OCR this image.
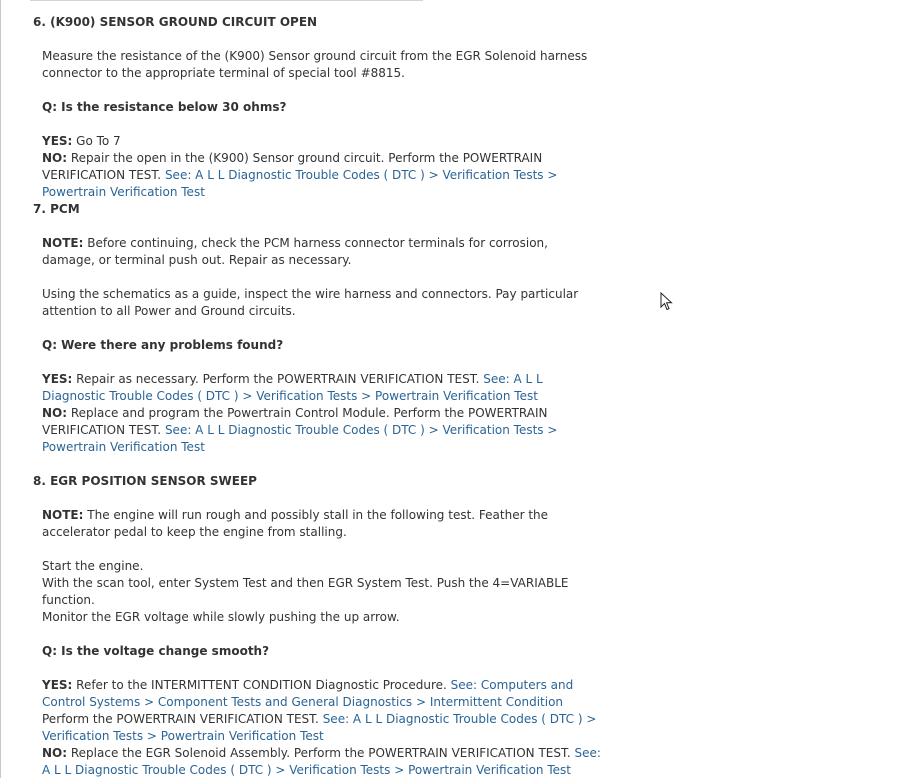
6. (K900) SENSOR GROUND CIRCUIT OPEN

Measure the resistance of the (K900) Sensor ground circuit from the EGR Solenoid harness connector to the appropriate terminal of special tool #8815.

Q: Is the resistance below 30 ohms?

YES: Go To 7

NO: Repair the open in the (K900) Sensor ground circuit. Perform the POWERTRAIN VERIFICATION TEST. See: A L L Diagnostic Trouble Codes ( DTC ) > Verification Tests > Powertrain Verification Test

7. PCM

NOTE: Before continuing, check the PCM harness connector terminals for corrosion, damage, or terminal push out. Repair as necessary.

Using the schematics as a guide, inspect the wire harness and connectors. Pay particular attention to all Power and Ground circuits.

Q: Were there any problems found?

YES: Repair as necessary. Perform the POWERTRAIN VERIFICATION TEST. See: A L L Diagnostic Trouble Codes ( DTC ) > Verification Tests > Powertrain Verification Test

NO: Replace and program the Powertrain Control Module. Perform the POWERTRAIN VERIFICATION TEST. See: A L L Diagnostic Trouble Codes ( DTC ) > Verification Tests > Powertrain Verification Test

8. EGR POSITION SENSOR SWEEP

NOTE: The engine will run rough and possibly stall in the following test. Feather the accelerator pedal to keep the engine from stalling.

Start the engine.

With the scan tool, enter System Test and then EGR System Test. Push the 4=VARIABLE function.

Monitor the EGR voltage while slowly pushing the up arrow.

Q: Is the voltage change smooth?

YES: Refer to the INTERMITTENT CONDITION Diagnostic Procedure. See: Computers and Control Systems > Component Tests and General Diagnostics > Intermittent Condition

Perform the POWERTRAIN VERIFICATION TEST. See: A L L Diagnostic Trouble Codes ( DTC ) > Verification Tests > Powertrain Verification Test

NO: Replace the EGR Solenoid Assembly. Perform the POWERTRAIN VERIFICATION TEST. See: A L L Diagnostic Trouble Codes ( DTC ) > Verification Tests > Powertrain Verification Test
